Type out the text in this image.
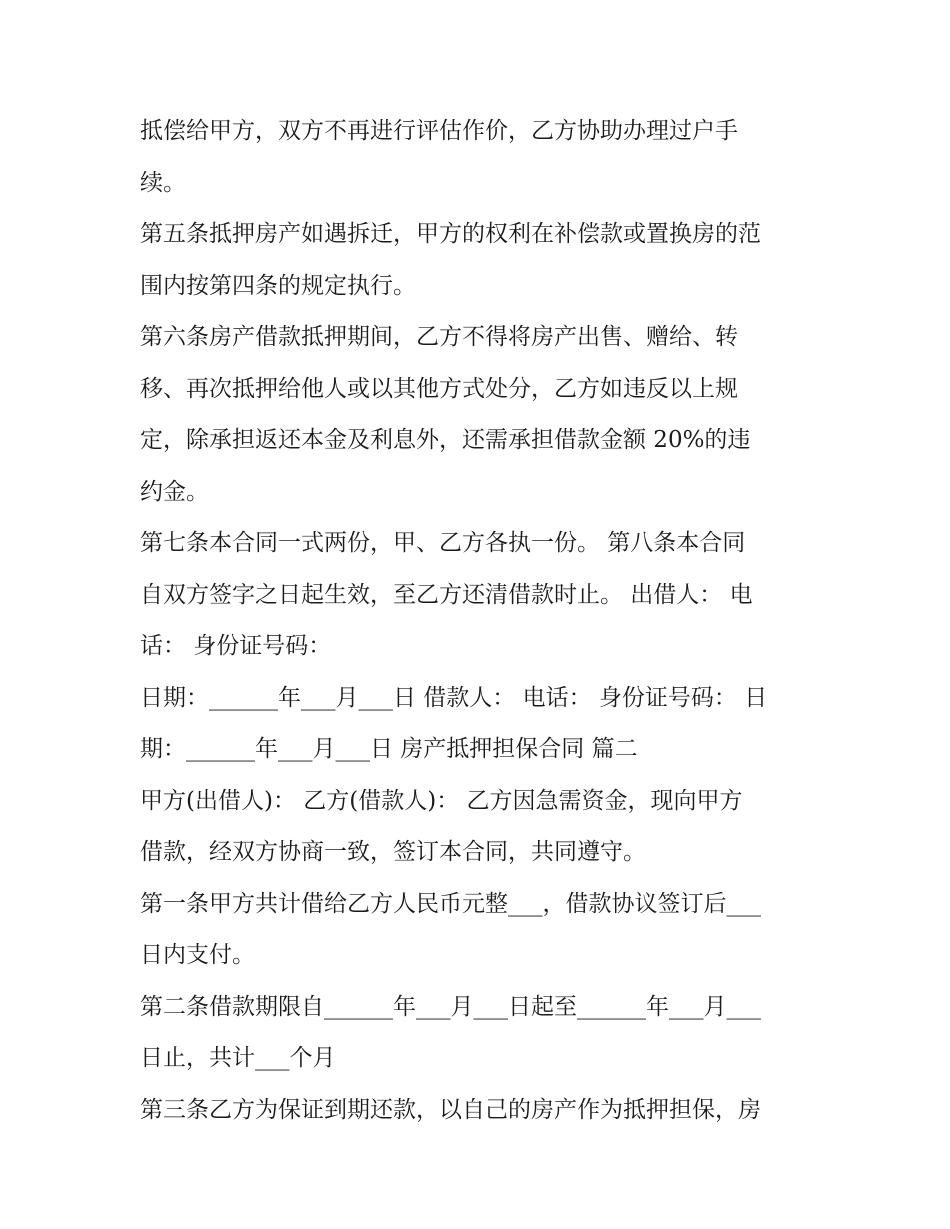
抵偿给甲方，双方不再进行评估作价，乙方协助办理过户手

续。

第五条抵押房产如遇拆迁，甲方的权利在补偿款或置换房的范

围内按第四条的规定执行。

第六条房产借款抵押期间，乙方不得将房产出售、赠给、转

移、再次抵押给他人或以其他方式处分，乙方如违反以上规

定，除承担返还本金及利息外，还需承担借款金额 20%的违

约金。

第七条本合同一式两份，甲、乙方各执一份。 第八条本合同

自双方签字之日起生效，至乙方还清借款时止。 出借人： 电

话： 身份证号码：

日期：______年___月___日 借款人： 电话： 身份证号码： 日

期：______年___月___日 房产抵押担保合同 篇二

甲方(出借人)： 乙方(借款人)： 乙方因急需资金，现向甲方

借款，经双方协商一致，签订本合同，共同遵守。

第一条甲方共计借给乙方人民币元整___，借款协议签订后___

日内支付。

第二条借款期限自______年___月___日起至______年___月___

日止，共计___个月

第三条乙方为保证到期还款，以自己的房产作为抵押担保，房
